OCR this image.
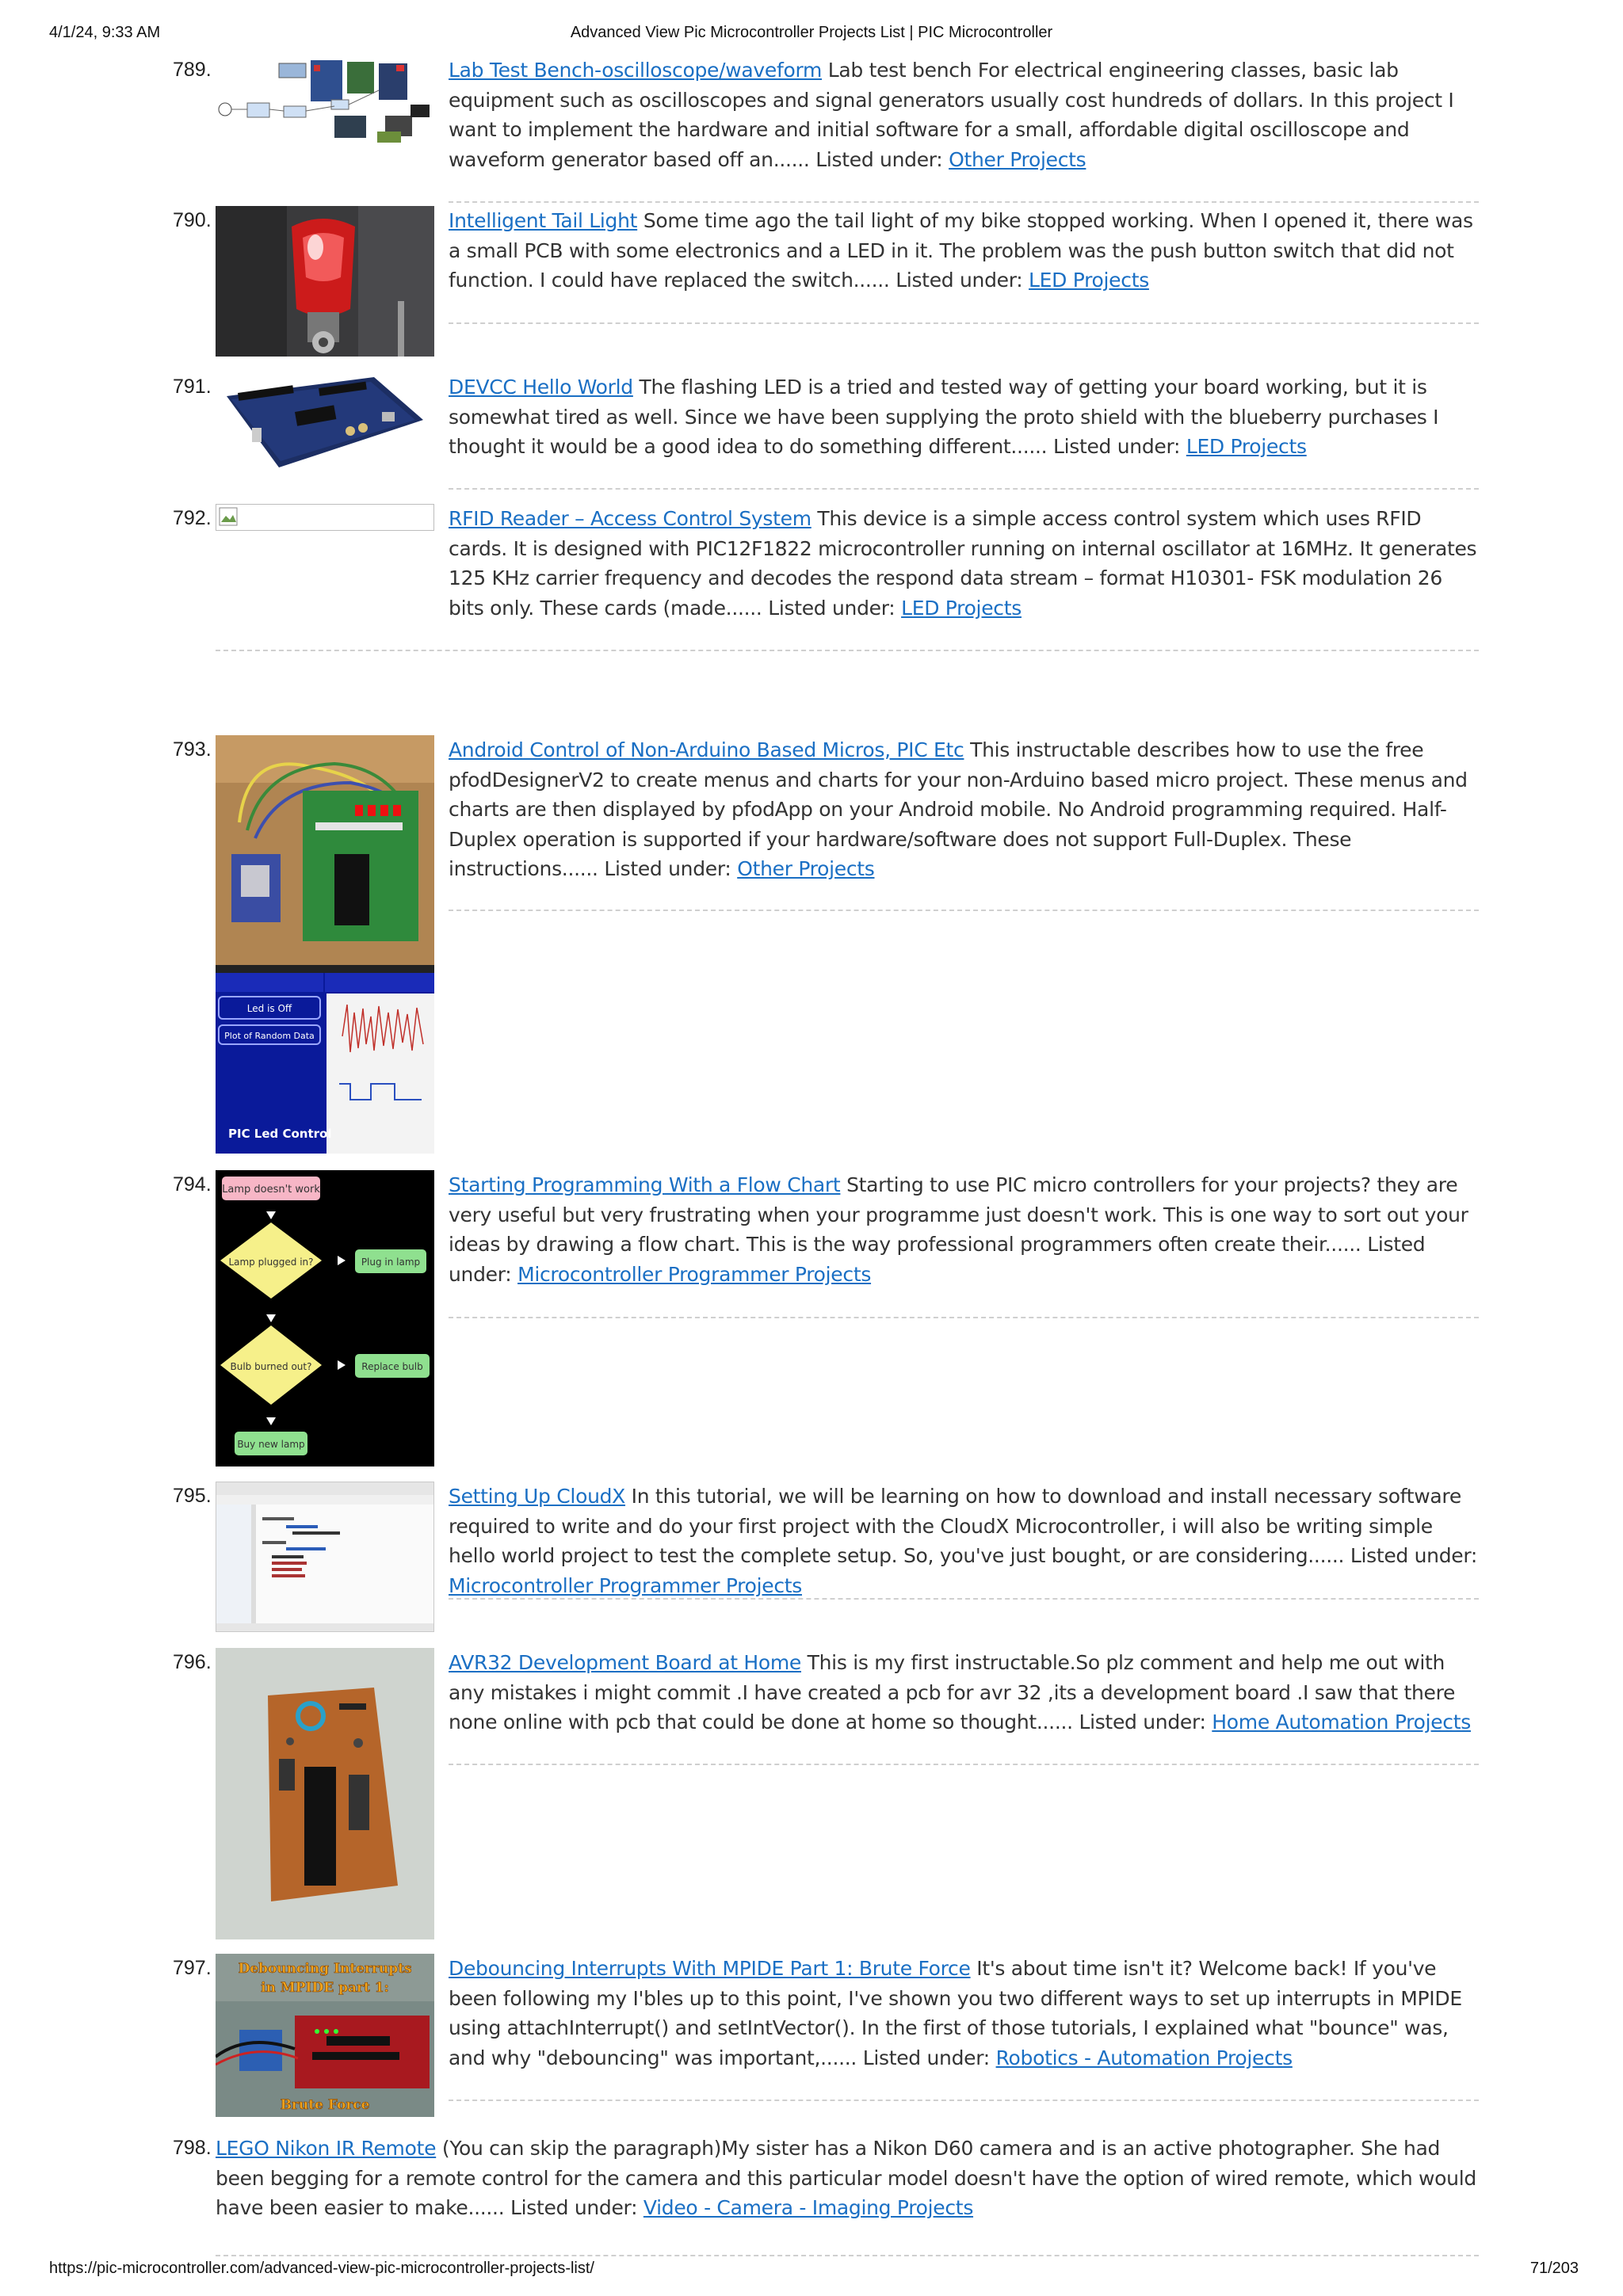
4/1/24, 9:33 AM	Advanced View Pic Microcontroller Projects List | PIC Microcontroller
789.	Lab Test Bench-oscilloscope/waveform Lab test bench For electrical engineering classes, basic lab equipment such as oscilloscopes and signal generators usually cost hundreds of dollars. In this project I want to implement the hardware and initial software for a small, affordable digital oscilloscope and waveform generator based off an...... Listed under: Other Projects
790.	Intelligent Tail Light Some time ago the tail light of my bike stopped working. When I opened it, there was a small PCB with some electronics and a LED in it. The problem was the push button switch that did not function. I could have replaced the switch...... Listed under: LED Projects
791.	DEVCC Hello World The flashing LED is a tried and tested way of getting your board working, but it is somewhat tired as well. Since we have been supplying the proto shield with the blueberry purchases I thought it would be a good idea to do something different...... Listed under: LED Projects
792.	RFID Reader – Access Control System This device is a simple access control system which uses RFID cards. It is designed with PIC12F1822 microcontroller running on internal oscillator at 16MHz. It generates 125 KHz carrier frequency and decodes the respond data stream – format H10301- FSK modulation 26 bits only. These cards (made...... Listed under: LED Projects
793.
Led is Off
Plot of Random Data
PIC Led Control
Android Control of Non-Arduino Based Micros, PIC Etc This instructable describes how to use the free pfodDesignerV2 to create menus and charts for your non-Arduino based micro project. These menus and charts are then displayed by pfodApp on your Android mobile. No Android programming required. Half-Duplex operation is supported if your hardware/software does not support Full-Duplex. These instructions...... Listed under: Other Projects
794. Lamp doesn't work
Lamp plugged in?	Plug in lamp
Bulb burned out?	Replace bulb
Buy new lamp
Starting Programming With a Flow Chart Starting to use PIC micro controllers for your projects? they are very useful but very frustrating when your programme just doesn't work. This is one way to sort out your ideas by drawing a flow chart. This is the way professional programmers often create their...... Listed under: Microcontroller Programmer Projects
795.	Setting Up CloudX In this tutorial, we will be learning on how to download and install necessary software required to write and do your first project with the CloudX Microcontroller, i will also be writing simple hello world project to test the complete setup. So, you've just bought, or are considering...... Listed under: Microcontroller Programmer Projects
796.	AVR32 Development Board at Home This is my first instructable.So plz comment and help me out with any mistakes i might commit .I have created a pcb for avr 32 ,its a development board .I saw that there none online with pcb that could be done at home so thought...... Listed under: Home Automation Projects
797. Debouncing Interrupts
in MPIDE part 1:
Brute Force
Debouncing Interrupts With MPIDE Part 1: Brute Force It's about time isn't it? Welcome back! If you've been following my I'bles up to this point, I've shown you two different ways to set up interrupts in MPIDE using attachInterrupt() and setIntVector(). In the first of those tutorials, I explained what "bounce" was, and why "debouncing" was important,...... Listed under: Robotics - Automation Projects
798. LEGO Nikon IR Remote (You can skip the paragraph)My sister has a Nikon D60 camera and is an active photographer. She had been begging for a remote control for the camera and this particular model doesn't have the option of wired remote, which would have been easier to make...... Listed under: Video - Camera - Imaging Projects
https://pic-microcontroller.com/advanced-view-pic-microcontroller-projects-list/	71/203
